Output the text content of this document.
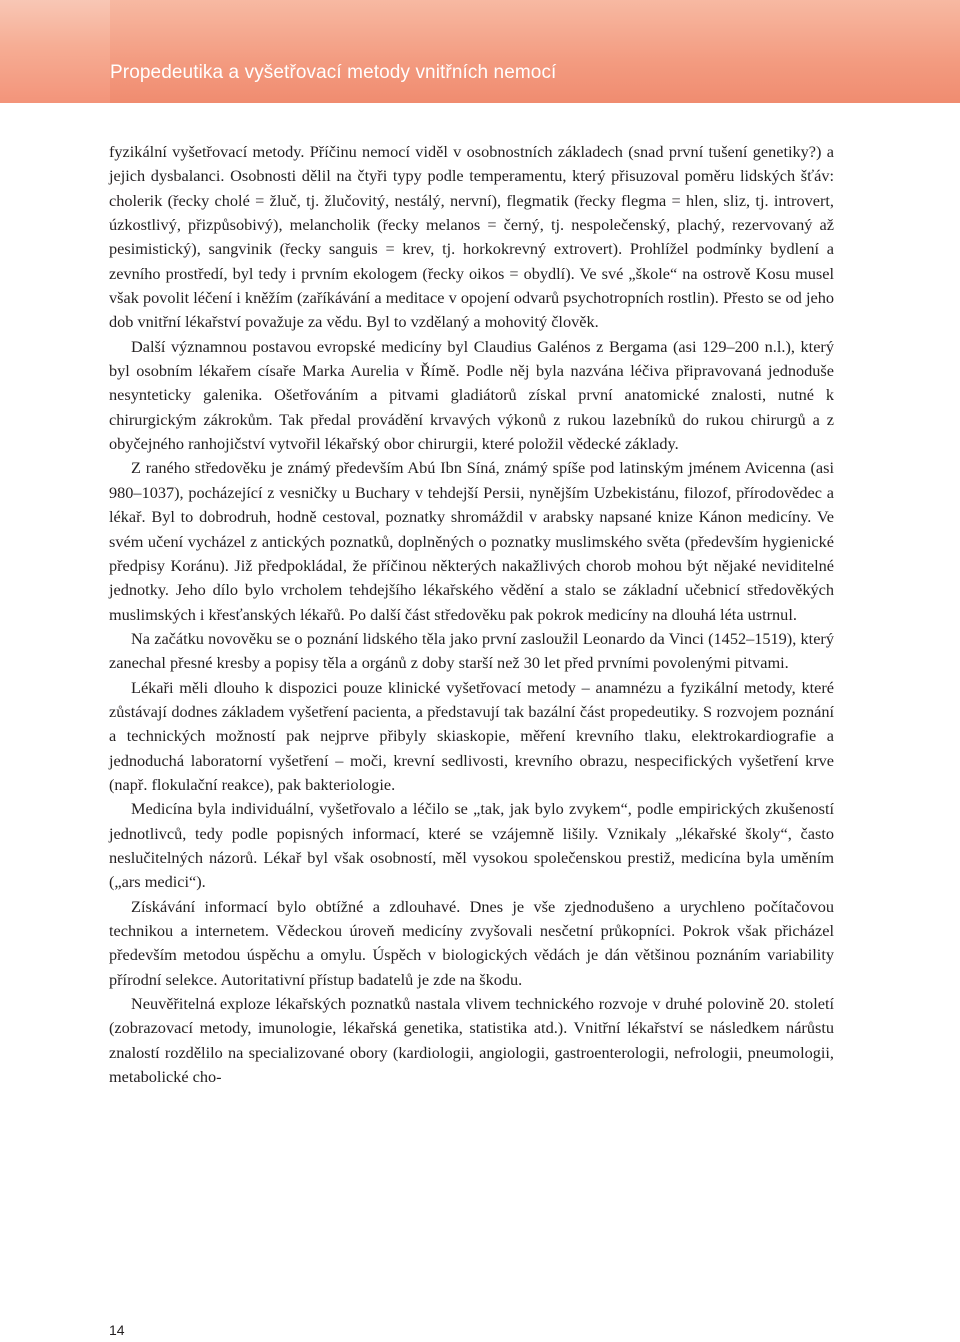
Propedeutika a vyšetřovací metody vnitřních nemocí

fyzikální vyšetřovací metody. Příčinu nemocí viděl v osobnostních základech (snad první tušení genetiky?) a jejich dysbalanci. Osobnosti dělil na čtyři typy podle temperamentu, který přisuzoval poměru lidských šťáv: cholerik (řecky cholé = žluč, tj. žlučovitý, nestálý, nervní), flegmatik (řecky flegma = hlen, sliz, tj. introvert, úzkostlivý, přizpůsobivý), melancholik (řecky melanos = černý, tj. nespolečenský, plachý, rezervovaný až pesimistický), sangvinik (řecky sanguis = krev, tj. horkokrevný extrovert). Prohlížel podmínky bydlení a zevního prostředí, byl tedy i prvním ekologem (řecky oikos = obydlí). Ve své „škole“ na ostrově Kosu musel však povolit léčení i kněžím (zaříkávání a meditace v opojení odvarů psychotropních rostlin). Přesto se od jeho dob vnitřní lékařství považuje za vědu. Byl to vzdělaný a mohovitý člověk.

Další významnou postavou evropské medicíny byl Claudius Galénos z Bergama (asi 129–200 n.l.), který byl osobním lékařem císaře Marka Aurelia v Římě. Podle něj byla nazvána léčiva připravovaná jednoduše nesynteticky galenika. Ošetřováním a pitvami gladiátorů získal první anatomické znalosti, nutné k chirurgickým zákrokům. Tak předal provádění krvavých výkonů z rukou lazebníků do rukou chirurgů a z obyčejného ranhojičství vytvořil lékařský obor chirurgii, které položil vědecké základy.

Z raného středověku je známý především Abú Ibn Síná, známý spíše pod latinským jménem Avicenna (asi 980–1037), pocházející z vesničky u Buchary v tehdejší Persii, nynějším Uzbekistánu, filozof, přírodovědec a lékař. Byl to dobrodruh, hodně cestoval, poznatky shromáždil v arabsky napsané knize Kánon medicíny. Ve svém učení vycházel z antických poznatků, doplněných o poznatky muslimského světa (především hygienické předpisy Koránu). Již předpokládal, že příčinou některých nakažlivých chorob mohou být nějaké neviditelné jednotky. Jeho dílo bylo vrcholem tehdejšího lékařského vědění a stalo se základní učebnicí středověkých muslimských i křesťanských lékařů. Po další část středověku pak pokrok medicíny na dlouhá léta ustrnul.

Na začátku novověku se o poznání lidského těla jako první zasloužil Leonardo da Vinci (1452–1519), který zanechal přesné kresby a popisy těla a orgánů z doby starší než 30 let před prvními povolenými pitvami.

Lékaři měli dlouho k dispozici pouze klinické vyšetřovací metody – anamnézu a fyzikální metody, které zůstávají dodnes základem vyšetření pacienta, a představují tak bazální část propedeutiky. S rozvojem poznání a technických možností pak nejprve přibyly skiaskopie, měření krevního tlaku, elektrokardiografie a jednoduchá laboratorní vyšetření – moči, krevní sedlivosti, krevního obrazu, nespecifických vyšetření krve (např. flokulační reakce), pak bakteriologie.

Medicína byla individuální, vyšetřovalo a léčilo se „tak, jak bylo zvykem“, podle empirických zkušeností jednotlivců, tedy podle popisných informací, které se vzájemně lišily. Vznikaly „lékařské školy“, často neslučitelných názorů. Lékař byl však osobností, měl vysokou společenskou prestiž, medicína byla uměním („ars medici“).

Získávání informací bylo obtížné a zdlouhavé. Dnes je vše zjednodušeno a urychleno počítačovou technikou a internetem. Vědeckou úroveň medicíny zvyšovali nesčetní průkopníci. Pokrok však přicházel především metodou úspěchu a omylu. Úspěch v biologických vědách je dán většinou poznáním variability přírodní selekce. Autoritativní přístup badatelů je zde na škodu.

Neuvěřitelná exploze lékařských poznatků nastala vlivem technického rozvoje v druhé polovině 20. století (zobrazovací metody, imunologie, lékařská genetika, statistika atd.). Vnitřní lékařství se následkem nárůstu znalostí rozdělilo na specializované obory (kardiologii, angiologii, gastroenterologii, nefrologii, pneumologii, metabolické cho-

14
